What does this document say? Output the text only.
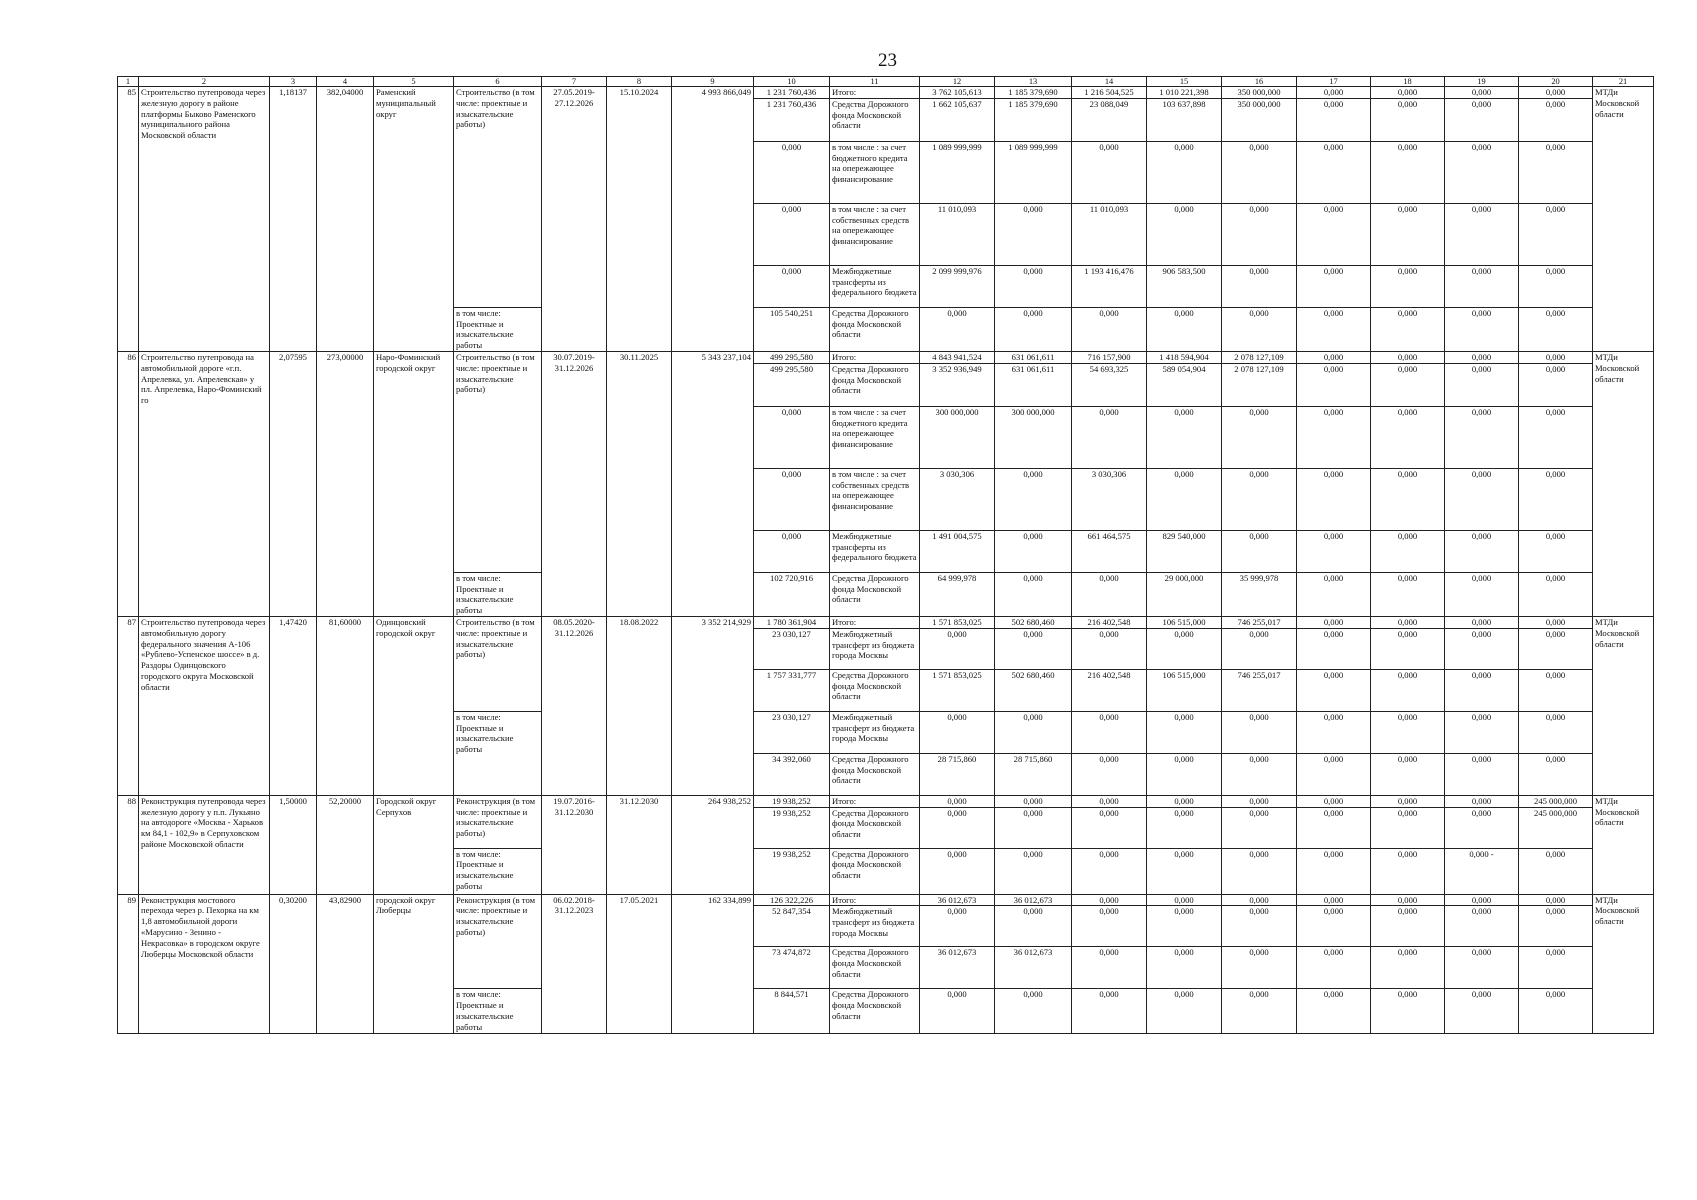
23
1	2	3	4	5	6	7	8	9	10	11	12	13	14	15	16	17	18	19	20	21
85	Строительство путепровода через железную дорогу в районе платформы Быково Раменского муниципального района Московской области	1,18137	382,04000	Раменский муниципальный округ	Строительство (в том числе: проектные и изыскательские работы)	27.05.2019-27.12.2026	15.10.2024	4 993 866,049	1 231 760,436	Итого:	3 762 105,613	1 185 379,690	1 216 504,525	1 010 221,398	350 000,000	0,000	0,000	0,000	0,000	МТДи Московской области
									1 231 760,436	Средства Дорожного фонда Московской области	1 662 105,637	1 185 379,690	23 088,049	103 637,898	350 000,000	0,000	0,000	0,000	0,000	
									0,000	в том числе : за счет бюджетного кредита на опережающее финансирование	1 089 999,999	1 089 999,999	0,000	0,000	0,000	0,000	0,000	0,000	0,000	
									0,000	в том числе : за счет собственных средств на опережающее финансирование	11 010,093	0,000	11 010,093	0,000	0,000	0,000	0,000	0,000	0,000	
									0,000	Межбюджетные трансферты из федерального бюджета	2 099 999,976	0,000	1 193 416,476	906 583,500	0,000	0,000	0,000	0,000	0,000	
					в том числе: Проектные и изыскательские работы				105 540,251	Средства Дорожного фонда Московской области	0,000	0,000	0,000	0,000	0,000	0,000	0,000	0,000	0,000	
86	Строительство путепровода на автомобильной дороге «г.п. Апрелевка, ул. Апрелевская» у пл. Апрелевка, Наро-Фоминский го	2,07595	273,00000	Наро-Фоминский городской округ	Строительство (в том числе: проектные и изыскательские работы)	30.07.2019-31.12.2026	30.11.2025	5 343 237,104	499 295,580	Итого:	4 843 941,524	631 061,611	716 157,900	1 418 594,904	2 078 127,109	0,000	0,000	0,000	0,000	МТДи Московской области
									499 295,580	Средства Дорожного фонда Московской области	3 352 936,949	631 061,611	54 693,325	589 054,904	2 078 127,109	0,000	0,000	0,000	0,000	
									0,000	в том числе : за счет бюджетного кредита на опережающее финансирование	300 000,000	300 000,000	0,000	0,000	0,000	0,000	0,000	0,000	0,000	
									0,000	в том числе : за счет собственных средств на опережающее финансирование	3 030,306	0,000	3 030,306	0,000	0,000	0,000	0,000	0,000	0,000	
									0,000	Межбюджетные трансферты из федерального бюджета	1 491 004,575	0,000	661 464,575	829 540,000	0,000	0,000	0,000	0,000	0,000	
					в том числе: Проектные и изыскательские работы				102 720,916	Средства Дорожного фонда Московской области	64 999,978	0,000	0,000	29 000,000	35 999,978	0,000	0,000	0,000	0,000	
87	Строительство путепровода через автомобильную дорогу федерального значения А-106 «Рублево-Успенское шоссе» в д. Раздоры Одинцовского городского округа Московской области	1,47420	81,60000	Одинцовский городской округ	Строительство (в том числе: проектные и изыскательские работы)	08.05.2020-31.12.2026	18.08.2022	3 352 214,929	1 780 361,904	Итого:	1 571 853,025	502 680,460	216 402,548	106 515,000	746 255,017	0,000	0,000	0,000	0,000	МТДи Московской области
									23 030,127	Межбюджетный трансферт из бюджета города Москвы	0,000	0,000	0,000	0,000	0,000	0,000	0,000	0,000	0,000	
									1 757 331,777	Средства Дорожного фонда Московской области	1 571 853,025	502 680,460	216 402,548	106 515,000	746 255,017	0,000	0,000	0,000	0,000	
					в том числе: Проектные и изыскательские работы				23 030,127	Межбюджетный трансферт из бюджета города Москвы	0,000	0,000	0,000	0,000	0,000	0,000	0,000	0,000	0,000	
									34 392,060	Средства Дорожного фонда Московской области	28 715,860	28 715,860	0,000	0,000	0,000	0,000	0,000	0,000	0,000	
88	Реконструкция путепровода через железную дорогу у п.п. Лукьяно на автодороге «Москва - Харьков км 84,1 - 102,9» в Серпуховском районе Московской области	1,50000	52,20000	Городской округ Серпухов	Реконструкция (в том числе: проектные и изыскательские работы)	19.07.2016-31.12.2030	31.12.2030	264 938,252	19 938,252	Итого:	0,000	0,000	0,000	0,000	0,000	0,000	0,000	0,000	245 000,000	МТДи Московской области
									19 938,252	Средства Дорожного фонда Московской области	0,000	0,000	0,000	0,000	0,000	0,000	0,000	0,000	245 000,000	
					в том числе: Проектные и изыскательские работы				19 938,252	Средства Дорожного фонда Московской области	0,000	0,000	0,000	0,000	0,000	0,000	0,000	0,000 -	0,000	
89	Реконструкция мостового перехода через р. Пехорка на км 1,8 автомобильной дороги «Марусино - Зенино - Некрасовка» в городском округе Люберцы Московской области	0,30200	43,82900	городской округ Люберцы	Реконструкция (в том числе: проектные и изыскательские работы)	06.02.2018-31.12.2023	17.05.2021	162 334,899	126 322,226	Итого:	36 012,673	36 012,673	0,000	0,000	0,000	0,000	0,000	0,000	0,000	МТДи Московской области
									52 847,354	Межбюджетный трансферт из бюджета города Москвы	0,000	0,000	0,000	0,000	0,000	0,000	0,000	0,000	0,000	
									73 474,872	Средства Дорожного фонда Московской области	36 012,673	36 012,673	0,000	0,000	0,000	0,000	0,000	0,000	0,000	
					в том числе: Проектные и изыскательские работы				8 844,571	Средства Дорожного фонда Московской области	0,000	0,000	0,000	0,000	0,000	0,000	0,000	0,000	0,000	
